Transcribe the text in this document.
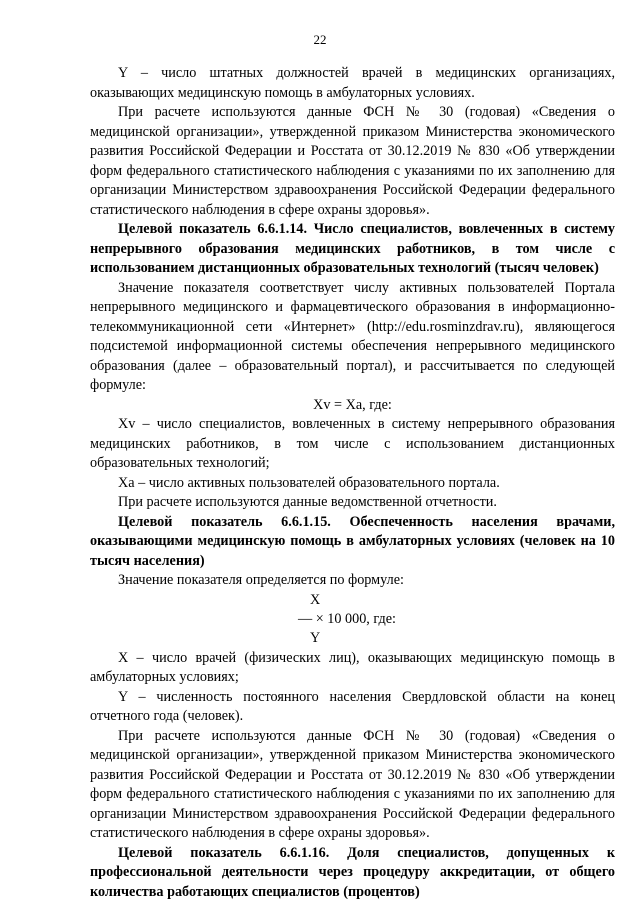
22

Y – число штатных должностей врачей в медицинских организациях, оказывающих медицинскую помощь в амбулаторных условиях.

При расчете используются данные ФСН № 30 (годовая) «Сведения о медицинской организации», утвержденной приказом Министерства экономического развития Российской Федерации и Росстата от 30.12.2019 № 830 «Об утверждении форм федерального статистического наблюдения с указаниями по их заполнению для организации Министерством здравоохранения Российской Федерации федерального статистического наблюдения в сфере охраны здоровья».

Целевой показатель 6.6.1.14. Число специалистов, вовлеченных в систему непрерывного образования медицинских работников, в том числе с использованием дистанционных образовательных технологий (тысяч человек)

Значение показателя соответствует числу активных пользователей Портала непрерывного медицинского и фармацевтического образования в информационно-телекоммуникационной сети «Интернет» (http://edu.rosminzdrav.ru), являющегося подсистемой информационной системы обеспечения непрерывного медицинского образования (далее – образовательный портал), и рассчитывается по следующей формуле:

Xv = Xa, где:

Xv – число специалистов, вовлеченных в систему непрерывного образования медицинских работников, в том числе с использованием дистанционных образовательных технологий;

Xa – число активных пользователей образовательного портала.

При расчете используются данные ведомственной отчетности.

Целевой показатель 6.6.1.15. Обеспеченность населения врачами, оказывающими медицинскую помощь в амбулаторных условиях (человек на 10 тысяч населения)

Значение показателя определяется по формуле:

X
— × 10 000, где:
Y

X – число врачей (физических лиц), оказывающих медицинскую помощь в амбулаторных условиях;

Y – численность постоянного населения Свердловской области на конец отчетного года (человек).

При расчете используются данные ФСН № 30 (годовая) «Сведения о медицинской организации», утвержденной приказом Министерства экономического развития Российской Федерации и Росстата от 30.12.2019 № 830 «Об утверждении форм федерального статистического наблюдения с указаниями по их заполнению для организации Министерством здравоохранения Российской Федерации федерального статистического наблюдения в сфере охраны здоровья».

Целевой показатель 6.6.1.16. Доля специалистов, допущенных к профессиональной деятельности через процедуру аккредитации, от общего количества работающих специалистов (процентов)
